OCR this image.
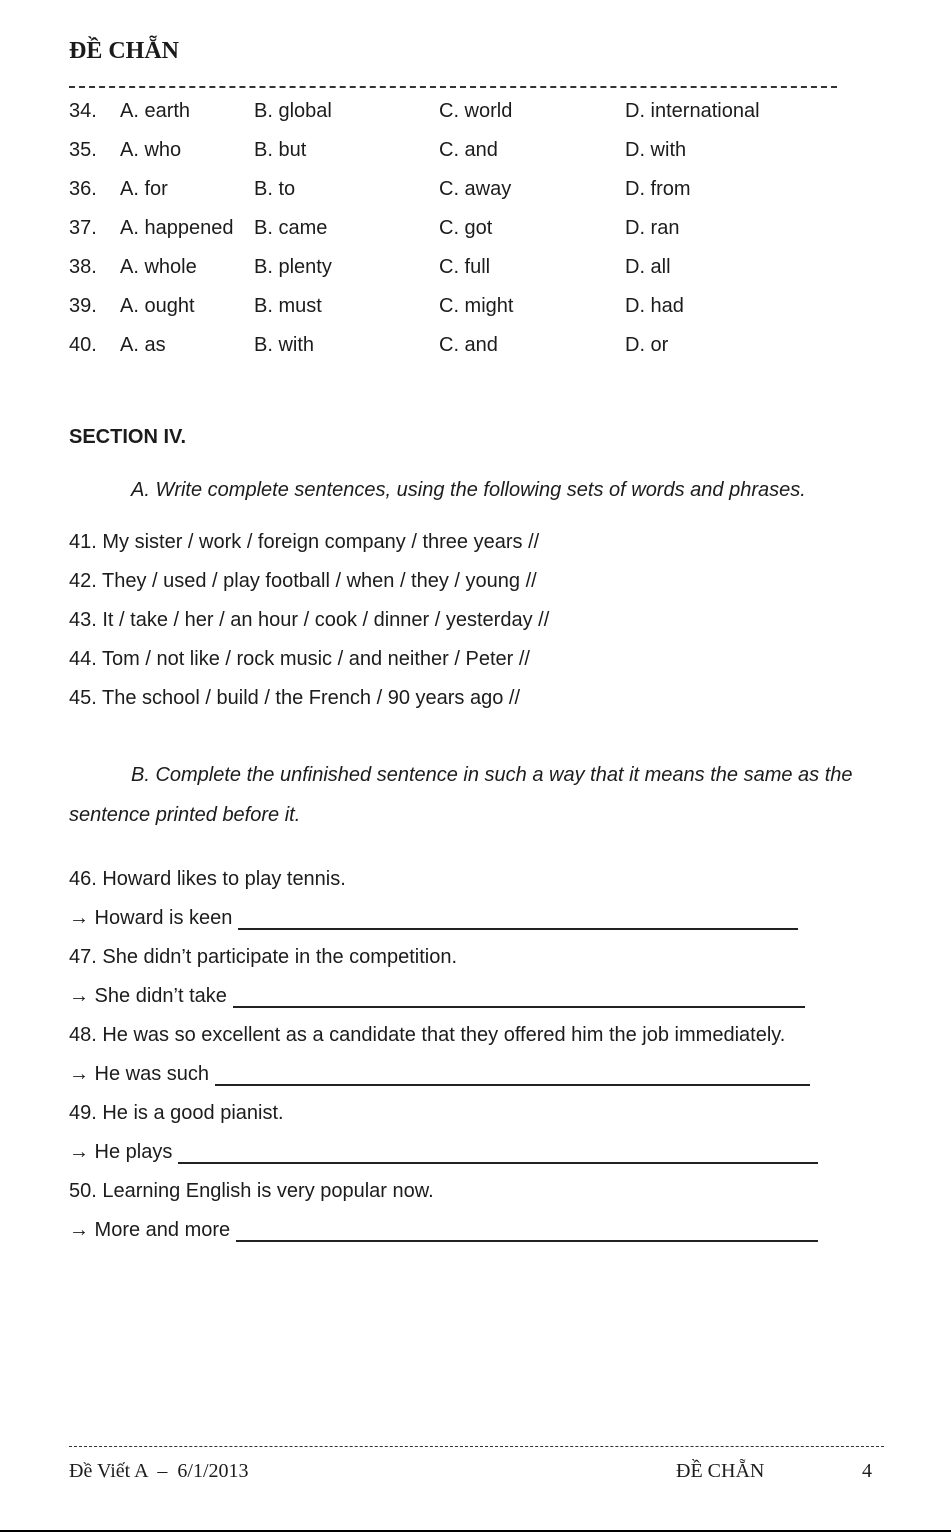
ĐỀ CHẴN
34. A. earth	B. global	C. world	D. international
35. A. who	B. but	C. and	D. with
36. A. for	B. to	C. away	D. from
37. A. happened B. came	C. got	D. ran
38. A. whole	B. plenty	C. full	D. all
39. A. ought	B. must	C. might	D. had
40. A. as	B. with	C. and	D. or
SECTION IV.
A. Write complete sentences, using the following sets of words and phrases.
41. My sister / work / foreign company / three years //
42. They / used / play football / when / they / young //
43. It / take / her / an hour / cook / dinner / yesterday //
44. Tom / not like / rock music / and neither / Peter //
45. The school / build / the French / 90 years ago //
B. Complete the unfinished sentence in such a way that it means the same as the
sentence printed before it.
46. Howard likes to play tennis.
→ Howard is keen
47. She didn’t participate in the competition.
→ She didn’t take
48. He was so excellent as a candidate that they offered him the job immediately.
→ He was such
49. He is a good pianist.
→ He plays
50. Learning English is very popular now.
→ More and more
Đề Viết A  –  6/1/2013	ĐỀ CHẴN	4
